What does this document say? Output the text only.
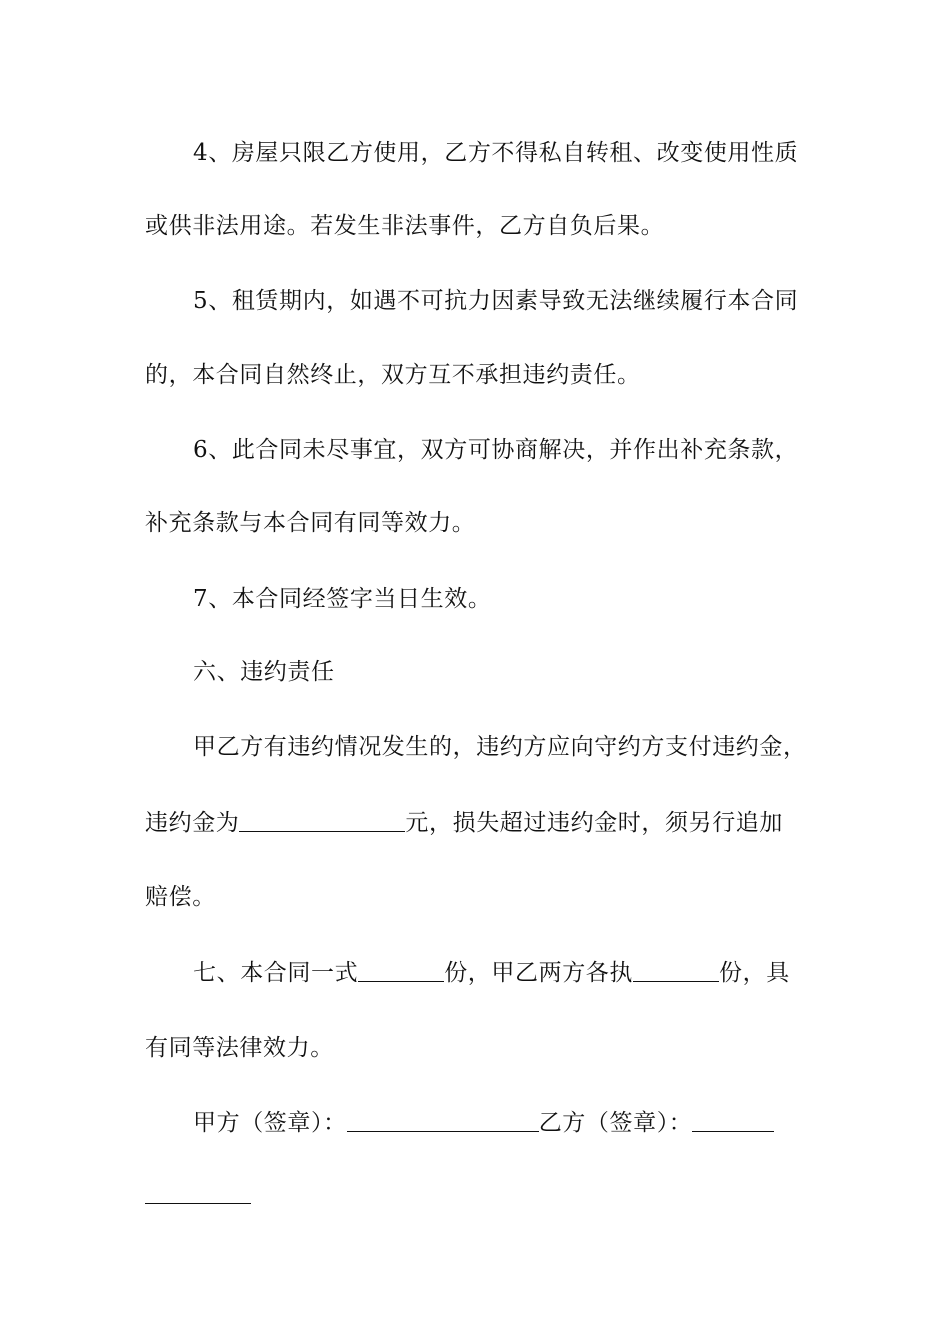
4、房屋只限乙方使用，乙方不得私自转租、改变使用性质
或供非法用途。若发生非法事件，乙方自负后果。
5、租赁期内，如遇不可抗力因素导致无法继续履行本合同
的，本合同自然终止，双方互不承担违约责任。
6、此合同未尽事宜，双方可协商解决，并作出补充条款，
补充条款与本合同有同等效力。
7、本合同经签字当日生效。
六、违约责任
甲乙方有违约情况发生的，违约方应向守约方支付违约金，
违约金为	元，损失超过违约金时，须另行追加
赔偿。
七、本合同一式	份，甲乙两方各执	份，具
有同等法律效力。
甲方（签章）：	乙方（签章）：
